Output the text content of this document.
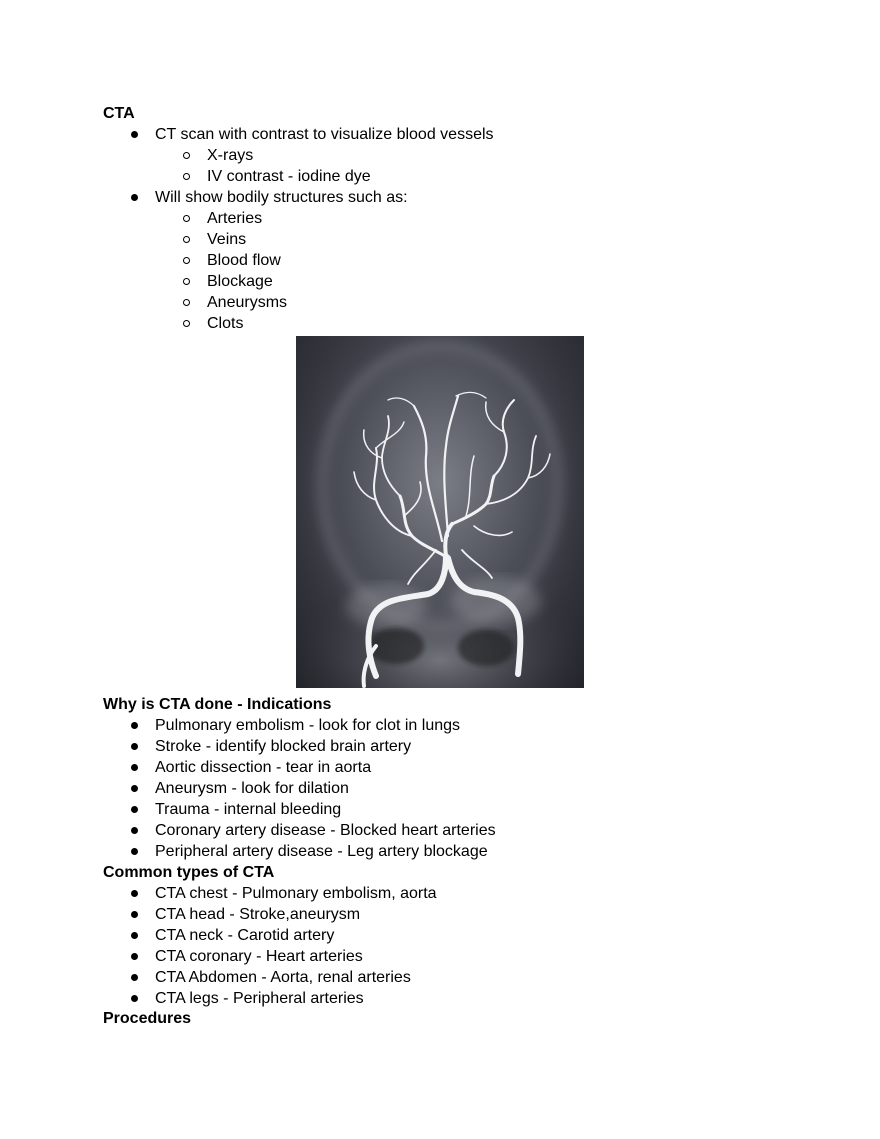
CTA
CT scan with contrast to visualize blood vessels
X-rays
IV contrast - iodine dye
Will show bodily structures such as:
Arteries
Veins
Blood flow
Blockage
Aneurysms
Clots
Why is CTA done - Indications
Pulmonary embolism - look for clot in lungs
Stroke - identify blocked brain artery
Aortic dissection - tear in aorta
Aneurysm - look for dilation
Trauma - internal bleeding
Coronary artery disease - Blocked heart arteries
Peripheral artery disease - Leg artery blockage
Common types of CTA
CTA chest - Pulmonary embolism, aorta
CTA head - Stroke,aneurysm
CTA neck - Carotid artery
CTA coronary - Heart arteries
CTA Abdomen - Aorta, renal arteries
CTA legs - Peripheral arteries
Procedures
